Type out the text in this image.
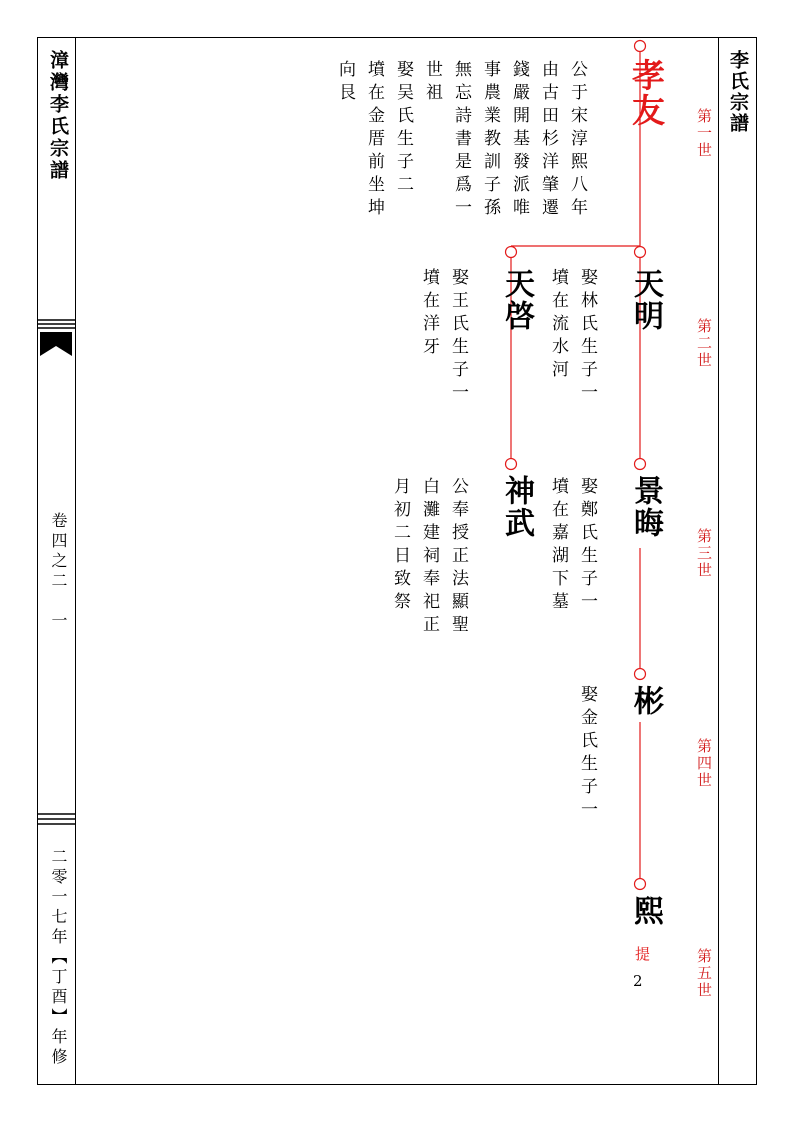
漳灣李氏宗譜
卷四之二　一
二零一七年【丁酉】年修
李氏宗譜
第一世
第二世
第三世
第四世
第五世
孝友
公于宋淳熙八年
由古田杉洋肇遷
錢嚴開基發派唯
事農業教訓子孫
無忘詩書是爲一
世祖
娶吴氏生子二
墳在金厝前坐坤
向艮
天明
娶林氏生子一
墳在流水河
天啓
娶王氏生子一
墳在洋牙
景晦
娶鄭氏生子一
墳在嘉湖下墓
神武
公奉授正法顯聖
白灘建祠奉祀正
月初二日致祭
彬
娶金氏生子一
熙
提
2
